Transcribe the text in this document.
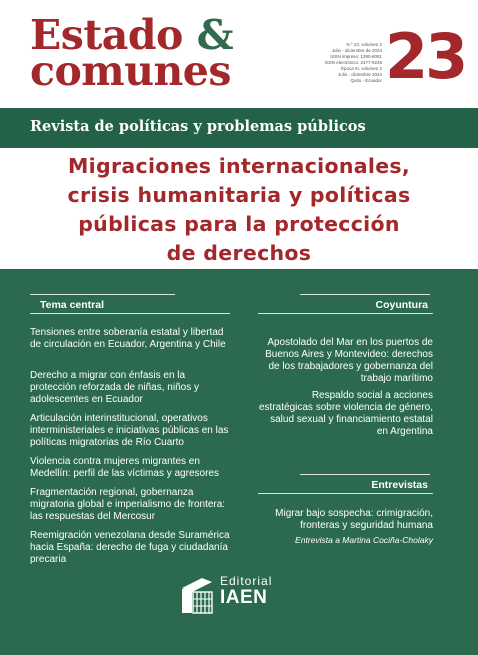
Estado &
comunes
N.º 23, volumen 2
Julio - diciembre de 2024
ISSN impreso: 1390-8081
ISSN electrónico: 2477-9245
Época III, volumen 2
Julio - diciembre 2024
Quito - Ecuador 23
Revista de políticas y problemas públicos
Migraciones internacionales,
crisis humanitaria y políticas
públicas para la protección
de derechos
Tema central
Tensiones entre soberanía estatal y libertad de circulación en Ecuador, Argentina y Chile
Derecho a migrar con énfasis en la protección reforzada de niñas, niños y adolescentes en Ecuador
Articulación interinstitucional, operativos interministeriales e iniciativas públicas en las políticas migratorias de Río Cuarto
Violencia contra mujeres migrantes en Medellín: perfil de las víctimas y agresores
Fragmentación regional, gobernanza migratoria global e imperialismo de frontera: las respuestas del Mercosur
Reemigración venezolana desde Suramérica hacia España: derecho de fuga y ciudadanía precaria
Coyuntura
Apostolado del Mar en los puertos de Buenos Aires y Montevideo: derechos de los trabajadores y gobernanza del trabajo marítimo
Respaldo social a acciones estratégicas sobre violencia de género, salud sexual y financiamiento estatal en Argentina
Entrevistas
Migrar bajo sospecha: crimigración, fronteras y seguridad humana
Entrevista a Martina Cociña-Cholaky
Editorial
IAEN
